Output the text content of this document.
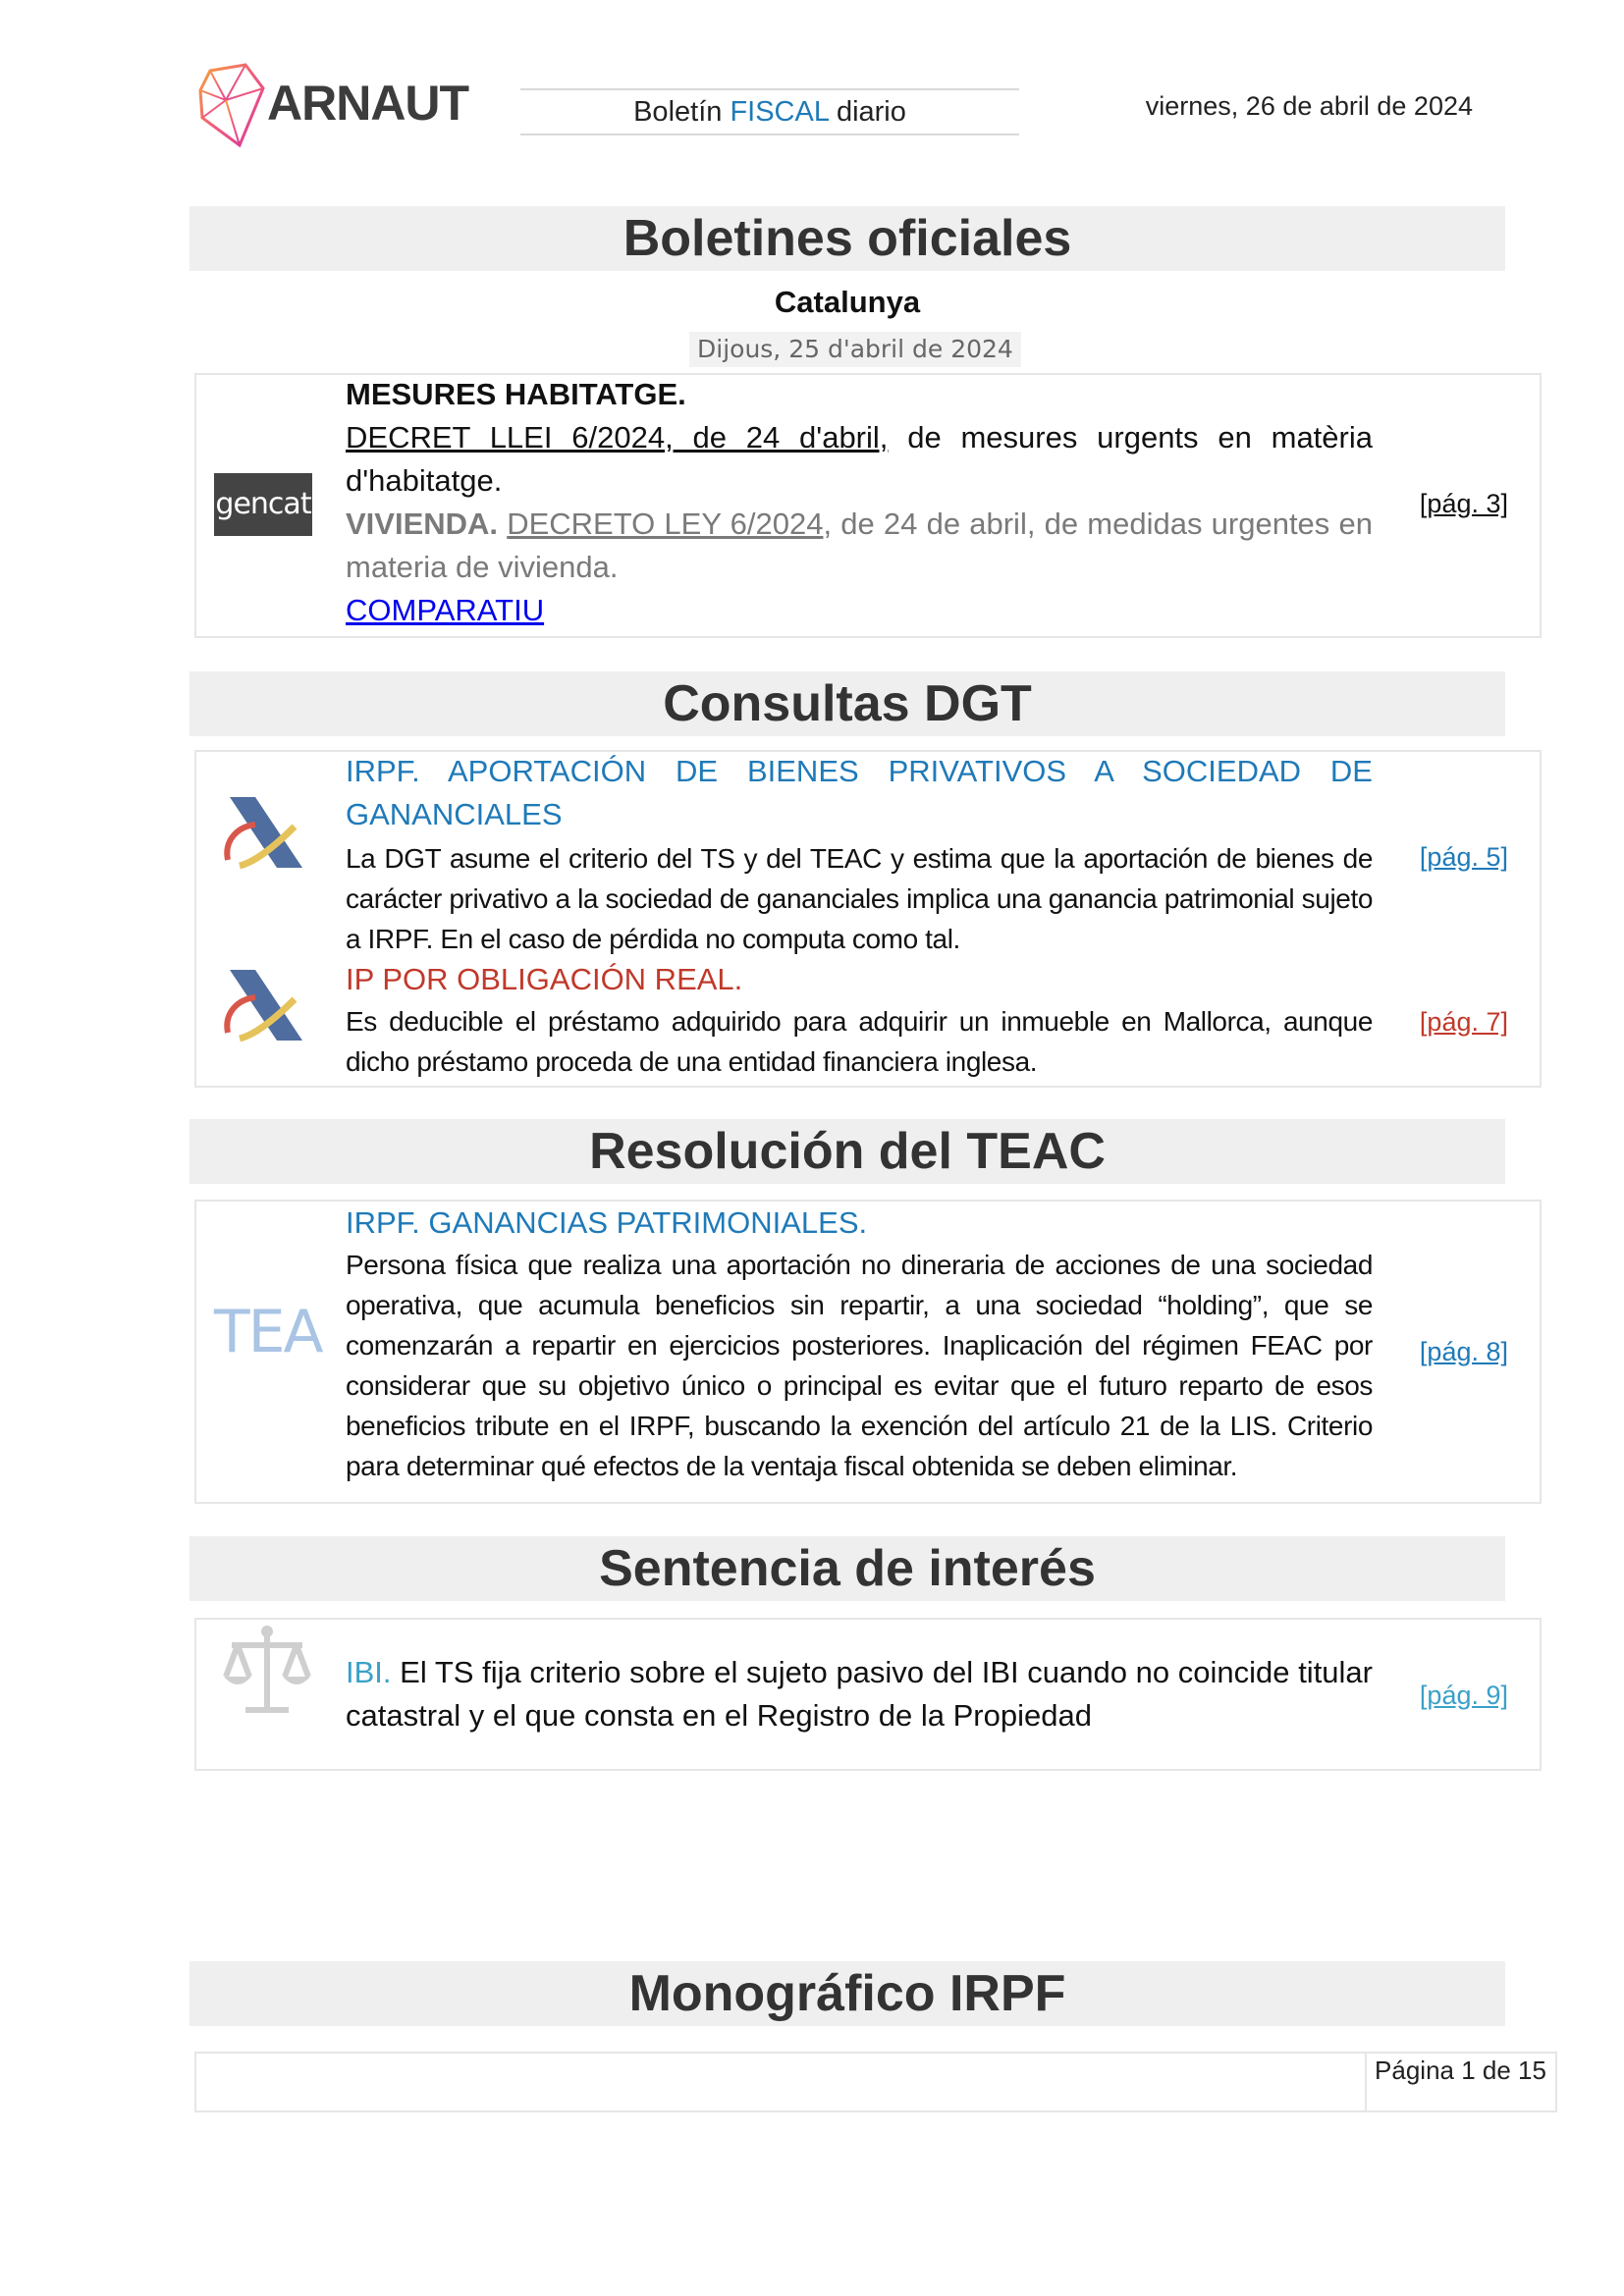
ARNAUT	Boletín FISCAL diario	viernes, 26 de abril de 2024
Boletines oficiales
Catalunya
Dijous, 25 d'abril de 2024
gencat
MESURES HABITATGE.
DECRET LLEI 6/2024, de 24 d'abril, de mesures urgents en matèria d'habitatge.
VIVIENDA. DECRETO LEY 6/2024, de 24 de abril, de medidas urgentes en materia de vivienda.
COMPARATIU
[pág. 3]
Consultas DGT
IRPF. APORTACIÓN DE BIENES PRIVATIVOS A SOCIEDAD DE GANANCIALES
La DGT asume el criterio del TS y del TEAC y estima que la aportación de bienes de carácter privativo a la sociedad de gananciales implica una ganancia patrimonial sujeto a IRPF. En el caso de pérdida no computa como tal.
[pág. 5]
IP POR OBLIGACIÓN REAL.
Es deducible el préstamo adquirido para adquirir un inmueble en Mallorca, aunque dicho préstamo proceda de una entidad financiera inglesa.
[pág. 7]
Resolución del TEAC
TEA
IRPF. GANANCIAS PATRIMONIALES.
Persona física que realiza una aportación no dineraria de acciones de una sociedad operativa, que acumula beneficios sin repartir, a una sociedad “holding”, que se comenzarán a repartir en ejercicios posteriores. Inaplicación del régimen FEAC por considerar que su objetivo único o principal es evitar que el futuro reparto de esos beneficios tribute en el IRPF, buscando la exención del artículo 21 de la LIS. Criterio para determinar qué efectos de la ventaja fiscal obtenida se deben eliminar.
[pág. 8]
Sentencia de interés
IBI. El TS fija criterio sobre el sujeto pasivo del IBI cuando no coincide titular catastral y el que consta en el Registro de la Propiedad
[pág. 9]
Monográfico IRPF
Página 1 de 15
